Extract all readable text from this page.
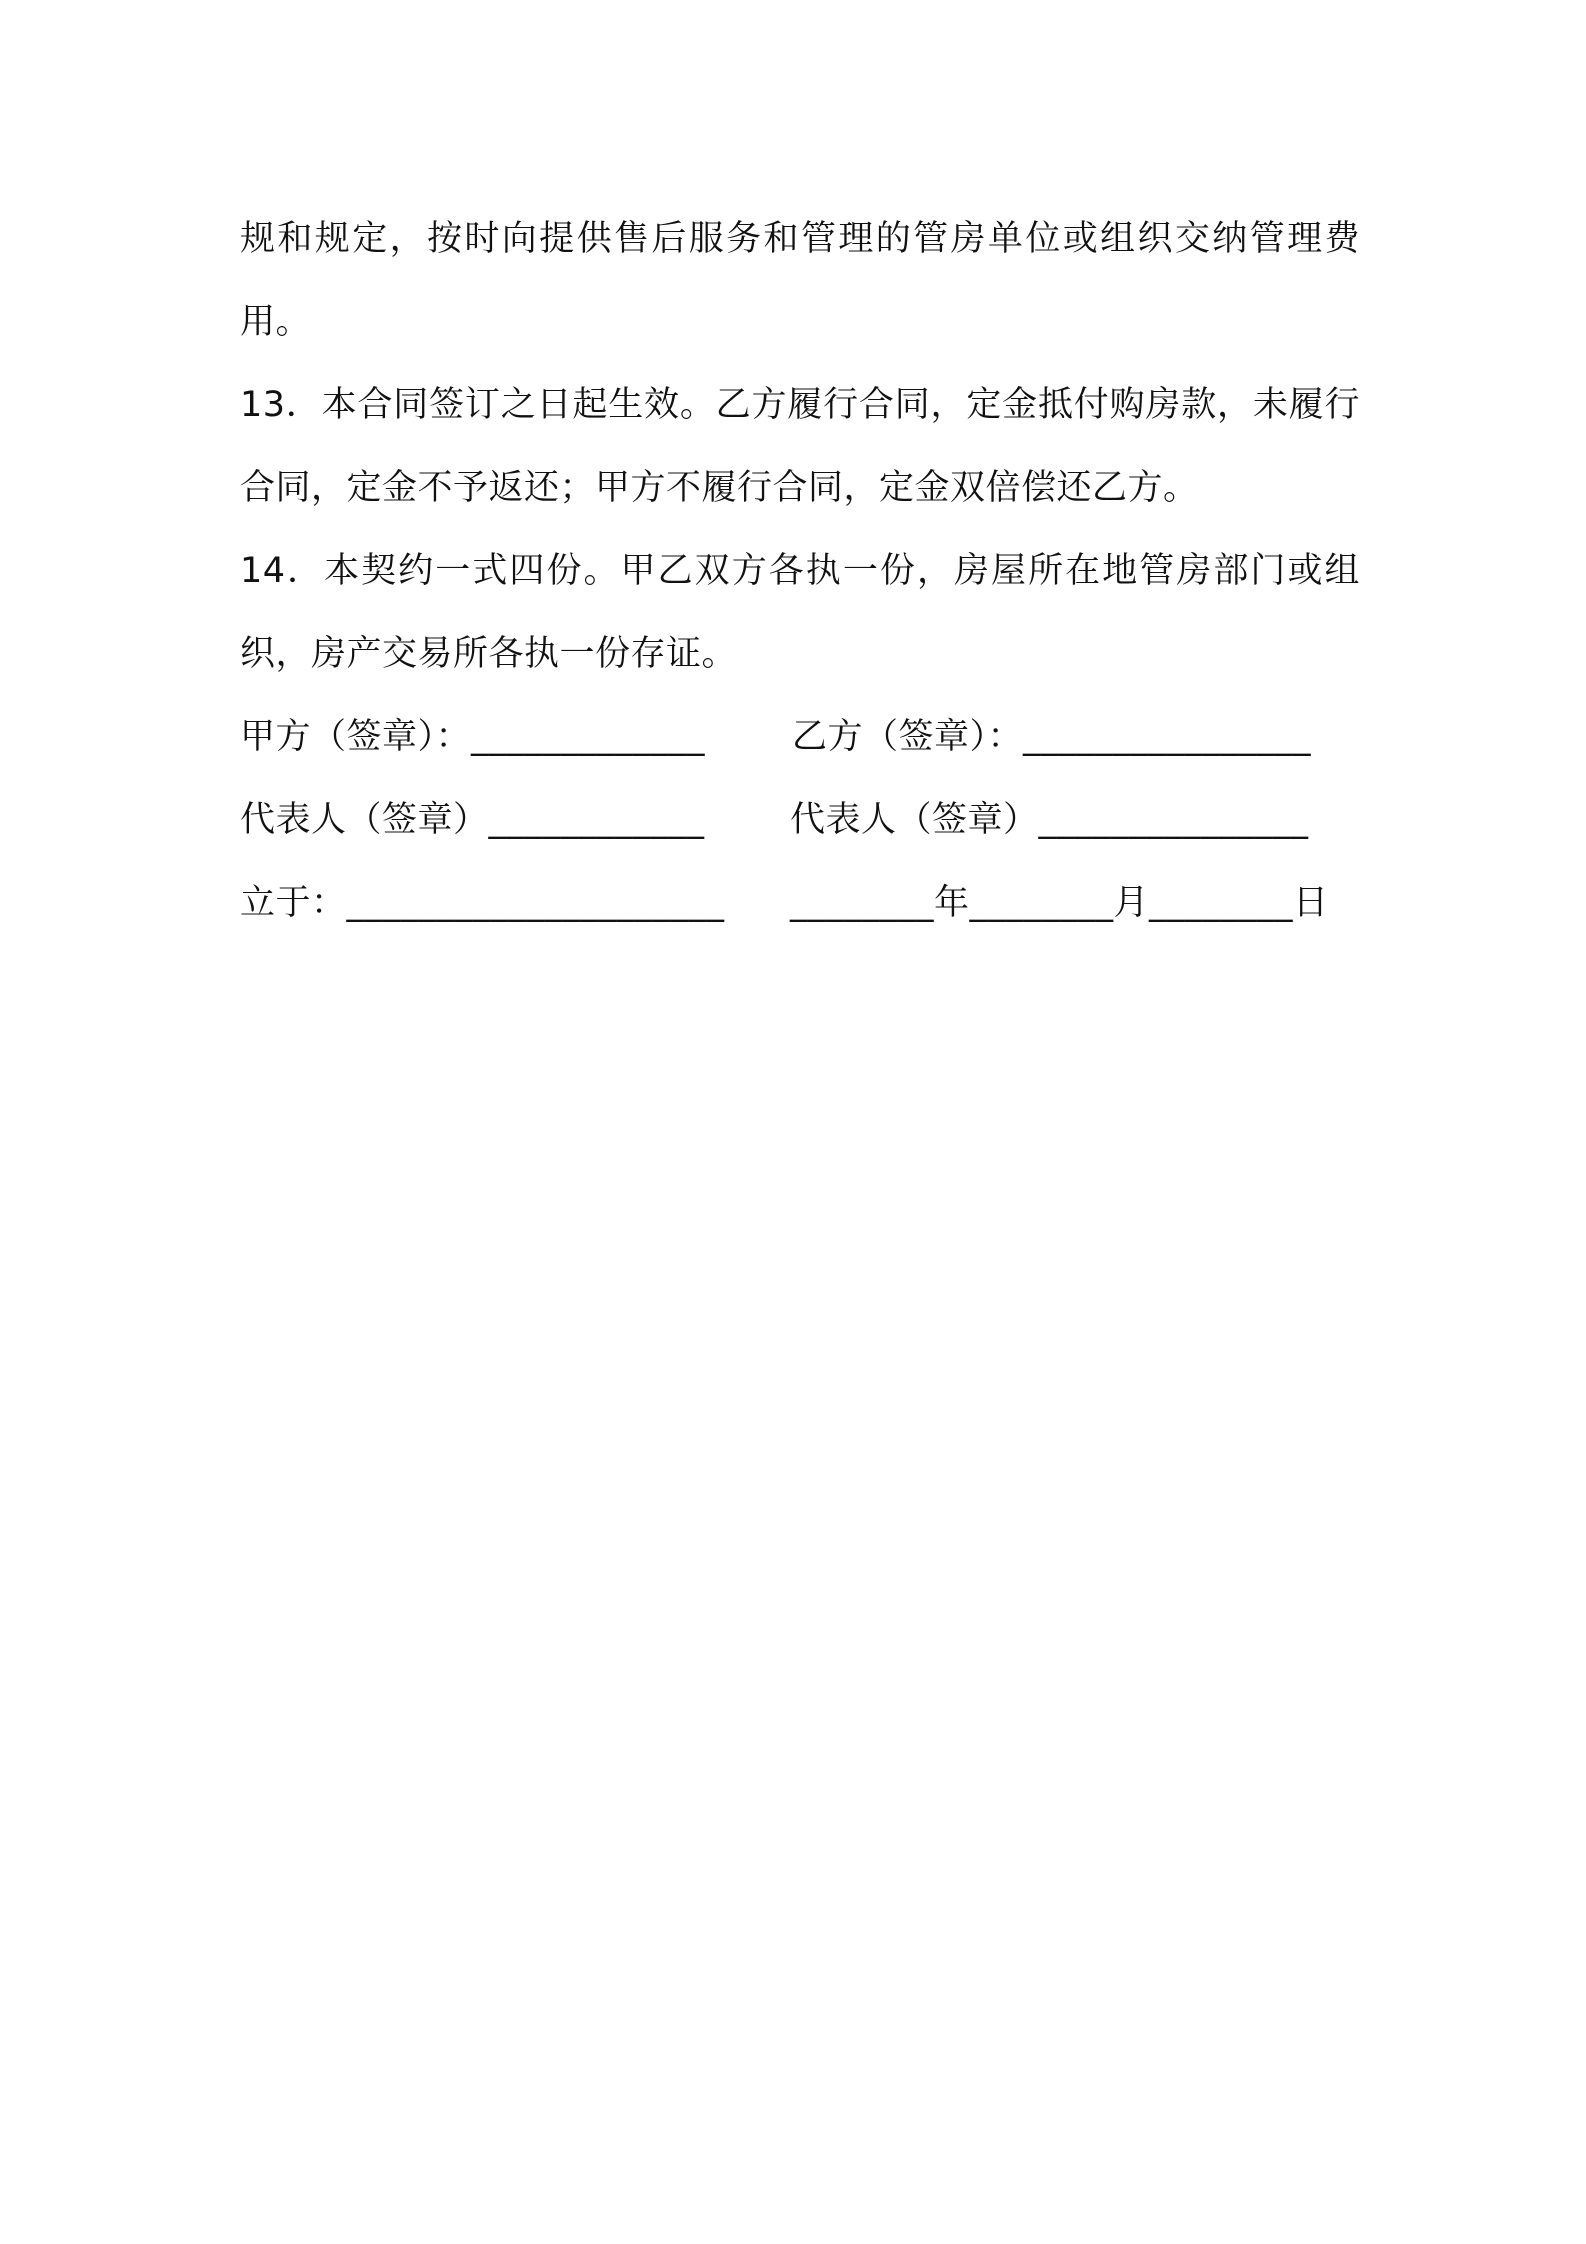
规和规定，按时向提供售后服务和管理的管房单位或组织交纳管理费用。

13．本合同签订之日起生效。乙方履行合同，定金抵付购房款，未履行合同，定金不予返还；甲方不履行合同，定金双倍偿还乙方。

14．本契约一式四份。甲乙双方各执一份，房屋所在地管房部门或组织，房产交易所各执一份存证。

甲方（签章）：_____________ 乙方（签章）：________________
代表人（签章）____________ 代表人（签章）_______________
立于：_____________________ ________年________月________日
